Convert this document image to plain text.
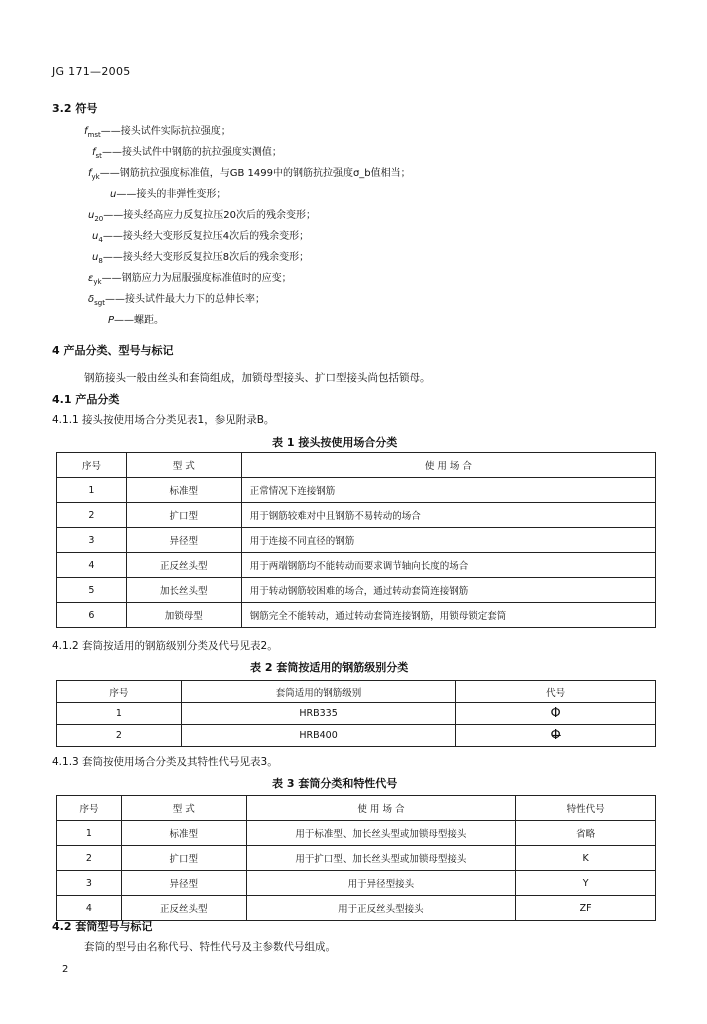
JG 171—2005
3.2 符号
$f_{mst}——$接头试件实际抗拉强度；
$f_{st}——$接头试件中钢筋的抗拉强度实测值；
$f_{yk}——$钢筋抗拉强度标准值，与GB 1499中的钢筋抗拉强度σ_b值相当；
u——接头的非弹性变形；
$u_{20}——$接头经高应力反复拉压20次后的残余变形；
$u_4——$接头经大变形反复拉压4次后的残余变形；
$u_8——$接头经大变形反复拉压8次后的残余变形；
$\varepsilon_{yk}——$钢筋应力为屈服强度标准值时的应变；
$\delta_{sgt}——$接头试件最大力下的总伸长率；
P——螺距。
4 产品分类、型号与标记
钢筋接头一般由丝头和套筒组成，加锁母型接头、扩口型接头尚包括锁母。
4.1 产品分类
4.1.1 接头按使用场合分类见表1，参见附录B。
表 1 接头按使用场合分类
序号	型 式	使 用 场 合
1	标准型	正常情况下连接钢筋
2	扩口型	用于钢筋较难对中且钢筋不易转动的场合
3	异径型	用于连接不同直径的钢筋
4	正反丝头型	用于两端钢筋均不能转动而要求调节轴向长度的场合
5	加长丝头型	用于转动钢筋较困难的场合，通过转动套筒连接钢筋
6	加锁母型	钢筋完全不能转动，通过转动套筒连接钢筋，用锁母锁定套筒
4.1.2 套筒按适用的钢筋级别分类及代号见表2。
表 2 套筒按适用的钢筋级别分类
序号	套筒适用的钢筋级别	代号
1	HRB335	Φ
2	HRB400	Φ̶
4.1.3 套筒按使用场合分类及其特性代号见表3。
表 3 套筒分类和特性代号
序号	型 式	使 用 场 合	特性代号
1	标准型	用于标准型、加长丝头型或加锁母型接头	省略
2	扩口型	用于扩口型、加长丝头型或加锁母型接头	K
3	异径型	用于异径型接头	Y
4	正反丝头型	用于正反丝头型接头	ZF
4.2 套筒型号与标记
套筒的型号由名称代号、特性代号及主参数代号组成。
2
